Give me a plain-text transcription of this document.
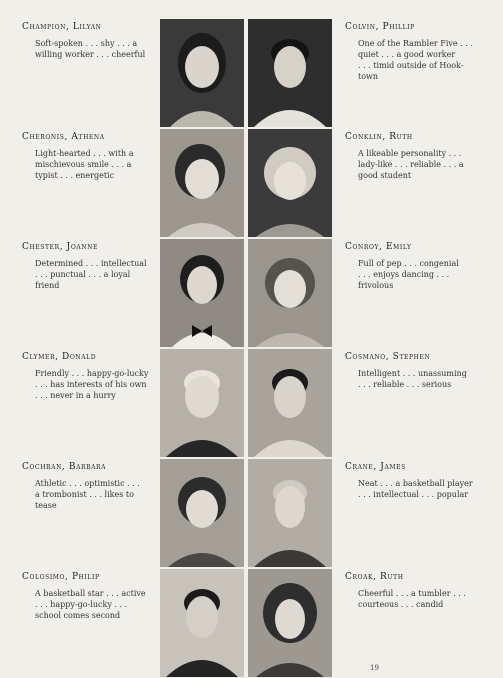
Champion, Lilyan
Soft-spoken . . . shy . . . a
willing worker . . . cheerful
Colvin, Phillip
One of the Rambler Five . . .
quiet . . . a good worker
. . . timid outside of Hook-
town
Cheronis, Athena
Light-hearted . . . with a
mischievous smile . . . a
typist . . . energetic
Conklin, Ruth
A likeable personality . . .
lady-like . . . reliable . . . a
good student
Chester, Joanne
Determined . . . intellectual
. . . punctual . . . a loyal
friend
Conroy, Emily
Full of pep . . . congenial
. . . enjoys dancing . . .
frivolous
Clymer, Donald
Friendly . . . happy-go-lucky
. . . has interests of his own
. . . never in a hurry
Cosmano, Stephen
Intelligent . . . unassuming
. . . reliable . . . serious
Cochran, Barbara
Athletic . . . optimistic . . .
a trombonist . . . likes to
tease
Crane, James
Neat . . . a basketball player
. . . intellectual . . . popular
Colosimo, Philip
A basketball star . . . active
. . . happy-go-lucky . . .
school comes second
Croak, Ruth
Cheerful . . . a tumbler . . .
courteous . . . candid
19
